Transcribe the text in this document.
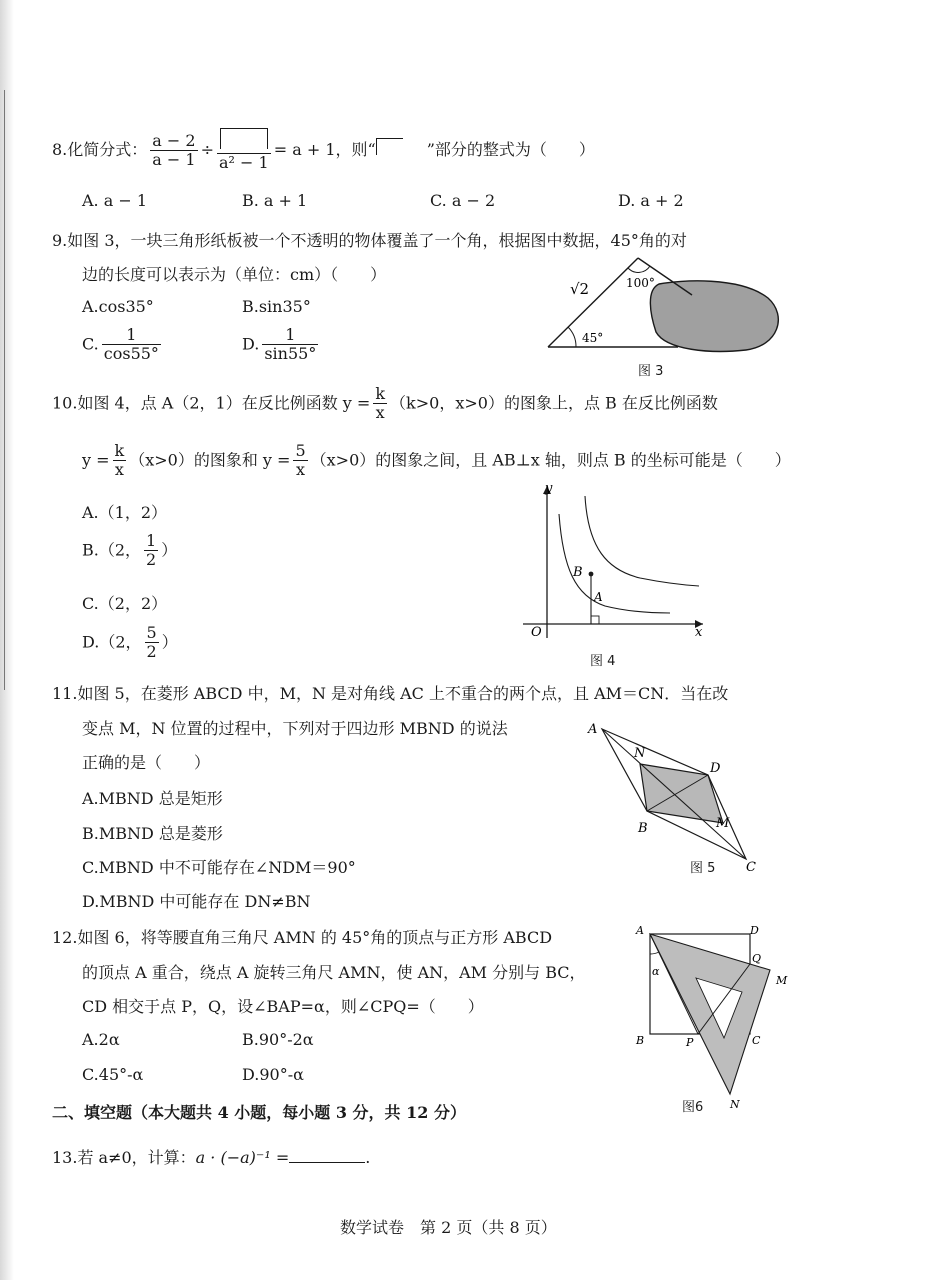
8.化简分式： $\frac{a - 2}{a - 1}$ ÷
a² − 1
= a + 1，则“	”部分的整式为（　　）
A. a − 1	B. a + 1	C. a − 2	D. a + 2
9.如图 3，一块三角形纸板被一个不透明的物体覆盖了一个角，根据图中数据，45°角的对
边的长度可以表示为（单位：cm）（　　）
A.cos35°	B.sin35°
C. $\frac{1}{\cos 55^\circ}$	D. $\frac{1}{\sin 55^\circ}$
√2	100°
45°
图 3
10.如图 4，点 A（2，1）在反比例函数 $y = \frac{k}{x} (k>0$，x>0）的图象上，点 B 在反比例函数
$y = \frac{k}{x} (x>0)$的图象和 $y = \frac{5}{x} (x>0)$的图象之间，且 AB⊥x 轴，则点 B 的坐标可能是（　　）
A.（1，2）
B.（2， $\frac{1}{2}$ ）
C.（2，2）
D.（2， $\frac{5}{2}$ ）
y
x
O
B
A
图 4
11.如图 5，在菱形 ABCD 中，M，N 是对角线 AC 上不重合的两个点，且 AM＝CN．当在改
变点 M，N 位置的过程中，下列对于四边形 MBND 的说法
正确的是（　　）
A.MBND 总是矩形
B.MBND 总是菱形
C.MBND 中不可能存在∠NDM＝90°
D.MBND 中可能存在 DN≠BN
A
N
D
B	M
C
图 5
12.如图 6，将等腰直角三角尺 AMN 的 45°角的顶点与正方形 ABCD
的顶点 A 重合，绕点 A 旋转三角尺 AMN，使 AN，AM 分别与 BC，
CD 相交于点 P，Q，设∠BAP=α，则∠CPQ=（　　）
A.2α	B.90°-2α
C.45°-α	D.90°-α
A	D
Q
M
α
B	P	C
N
图6
二、填空题（本大题共 4 小题，每小题 3 分，共 12 分）
13.若 a≠0，计算：a · (−a)⁻¹ =	.
数学试卷　第 2 页（共 8 页）
